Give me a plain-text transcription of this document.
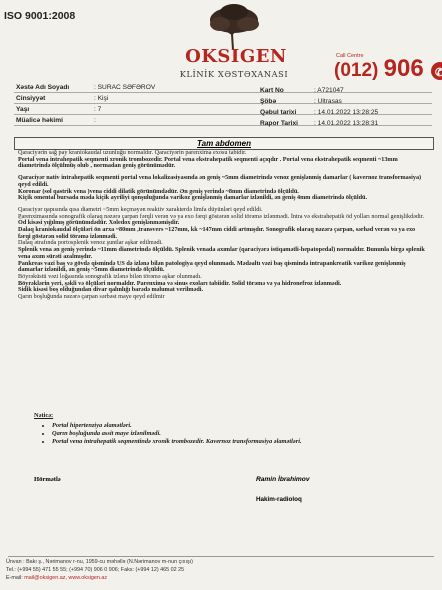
ISO 9001:2008
OKSIGEN
KLİNİK XƏSTƏXANASI
Call Centre
(012) 906 ✆
Xəstə Adı Soyadı	: SURAC SƏFƏROV
Cinsiyyət	: Kişi
Yaşı	: 7
Müalicə həkimi	:
Kart No	: A721047
Şöbə	: Ultrasas
Qəbul tarixi	: 14.01.2022 13:28:25
Rapor Tarixi : 14.01.2022 13:28:31
Tam abdomen

Qaraciyərin sağ pay kraniokaudal uzunluğu normaldır. Qaraciyərin parenxima exosu tabidir.

Portal vena intrahepatik seqmenti xronik trombozedir. Portal vena ekstrahepatik seqmenti açıqdır . Portal vena ekstrahepatik seqmenti ~13mm diametrində ölçülmüş olub , normadan geniş görünümədür.

Qaraciyər nativ intrahepatik seqmenti portal vena lokalizasiyasında ən geniş ~5mm diametrində venoz genişlənmiş damarlar ( kavernoz transformasiya) qeyd edildi.

Koronar (sol qastrik vena )vena ciddi dilatik görünümdədür. Ən geniş yerində ~8mm diametrində ölçüldü.

Kiçik omental bursada məda kiçik ayriliyi qonşuluğunda varikoz genişlənmiş damarlar izlənildi, ən geniş 4mm diametrində ölçüldü.

Qaraciyər qapısında qısa diametri ~5mm keçməyən reaktiv xarakterdə limfa düyünləri qeyd edildi.

Parenximasında sonografik olaraq nəzərə çarpan fərqli verən və ya exo fərqi göstərən solid törəmə izlənmədi. İntra və ekstrahepatik öd yolları normal genişlikdədir.

Öd kisəsi yığılmış görünümdədür. Xoledox genişlənməmişdir.

Dalaq kraniokaudal ölçüləri ön arxa ~80mm ,transvers ~127mm, kk ~147mm ciddi artmışdır. Sonografik olaraq nəzərə çarpan, sərhəd verən və ya exo fərqi göstərən solid törəmə izlənmədi.

Dalaq ətrafında portosplenik venoz şuntlar aşkar edilmədi.

Splenik vena ən geniş yerində ~11mm diametrində ölçüldü. Splenik venada axımlar (qaraciyərə istiqamətli-hepatopedal) normaldır. Bununla birgə splenik vena axım sürəti azalmışdır.

Pankreas vazi baş və gövdə qismində US də izlənə bilən patologiya qeyd olunmadı. Mədəaltı vəzi baş qismində intrapankreatik varikoz genişlənmiş damarlar izlənildi, ən geniş ~5mm diametrində ölçüldü.

Böyrəküstü vəzi loğasında sonografik izlənə bilən törəmə aşkar olunmadı.

Böyrəklərin yeri, şəkli və ölçüləri normaldır. Parenxima və sinus exoları tabiidir. Solid törəmə və ya hidronefroz izlənmədi.

Sidik kisəsi boş olduğundan divar qalınlığı barədə məlumat verilmədi.

Qarın boşluğunda nəzərə çarpan sərbəst maye qeyd edilmir

Nəticə:
• Portal hipertenziya əlamətləri.
• Qarın boşluğunda assit maye izlənilmədi.
• Portal vena intrahepatik seqmentində xronik trombozedir. Kavernoz transformasiya əlamətləri.
Hörmətlə	Ramin İbrahimov
Hakim-radioloq
Ünvan : Bakı ş., Nərimanov r-nu, 1959-cu məhəllə (N.Nərimanov m-nun çıxışı)
Tel.: (+994 55) 471 55 55; (+994 70) 906 0 906; Faks: (+994 12) 465 02 25
E-mail: mail@oksigen.az, www.oksigen.az
